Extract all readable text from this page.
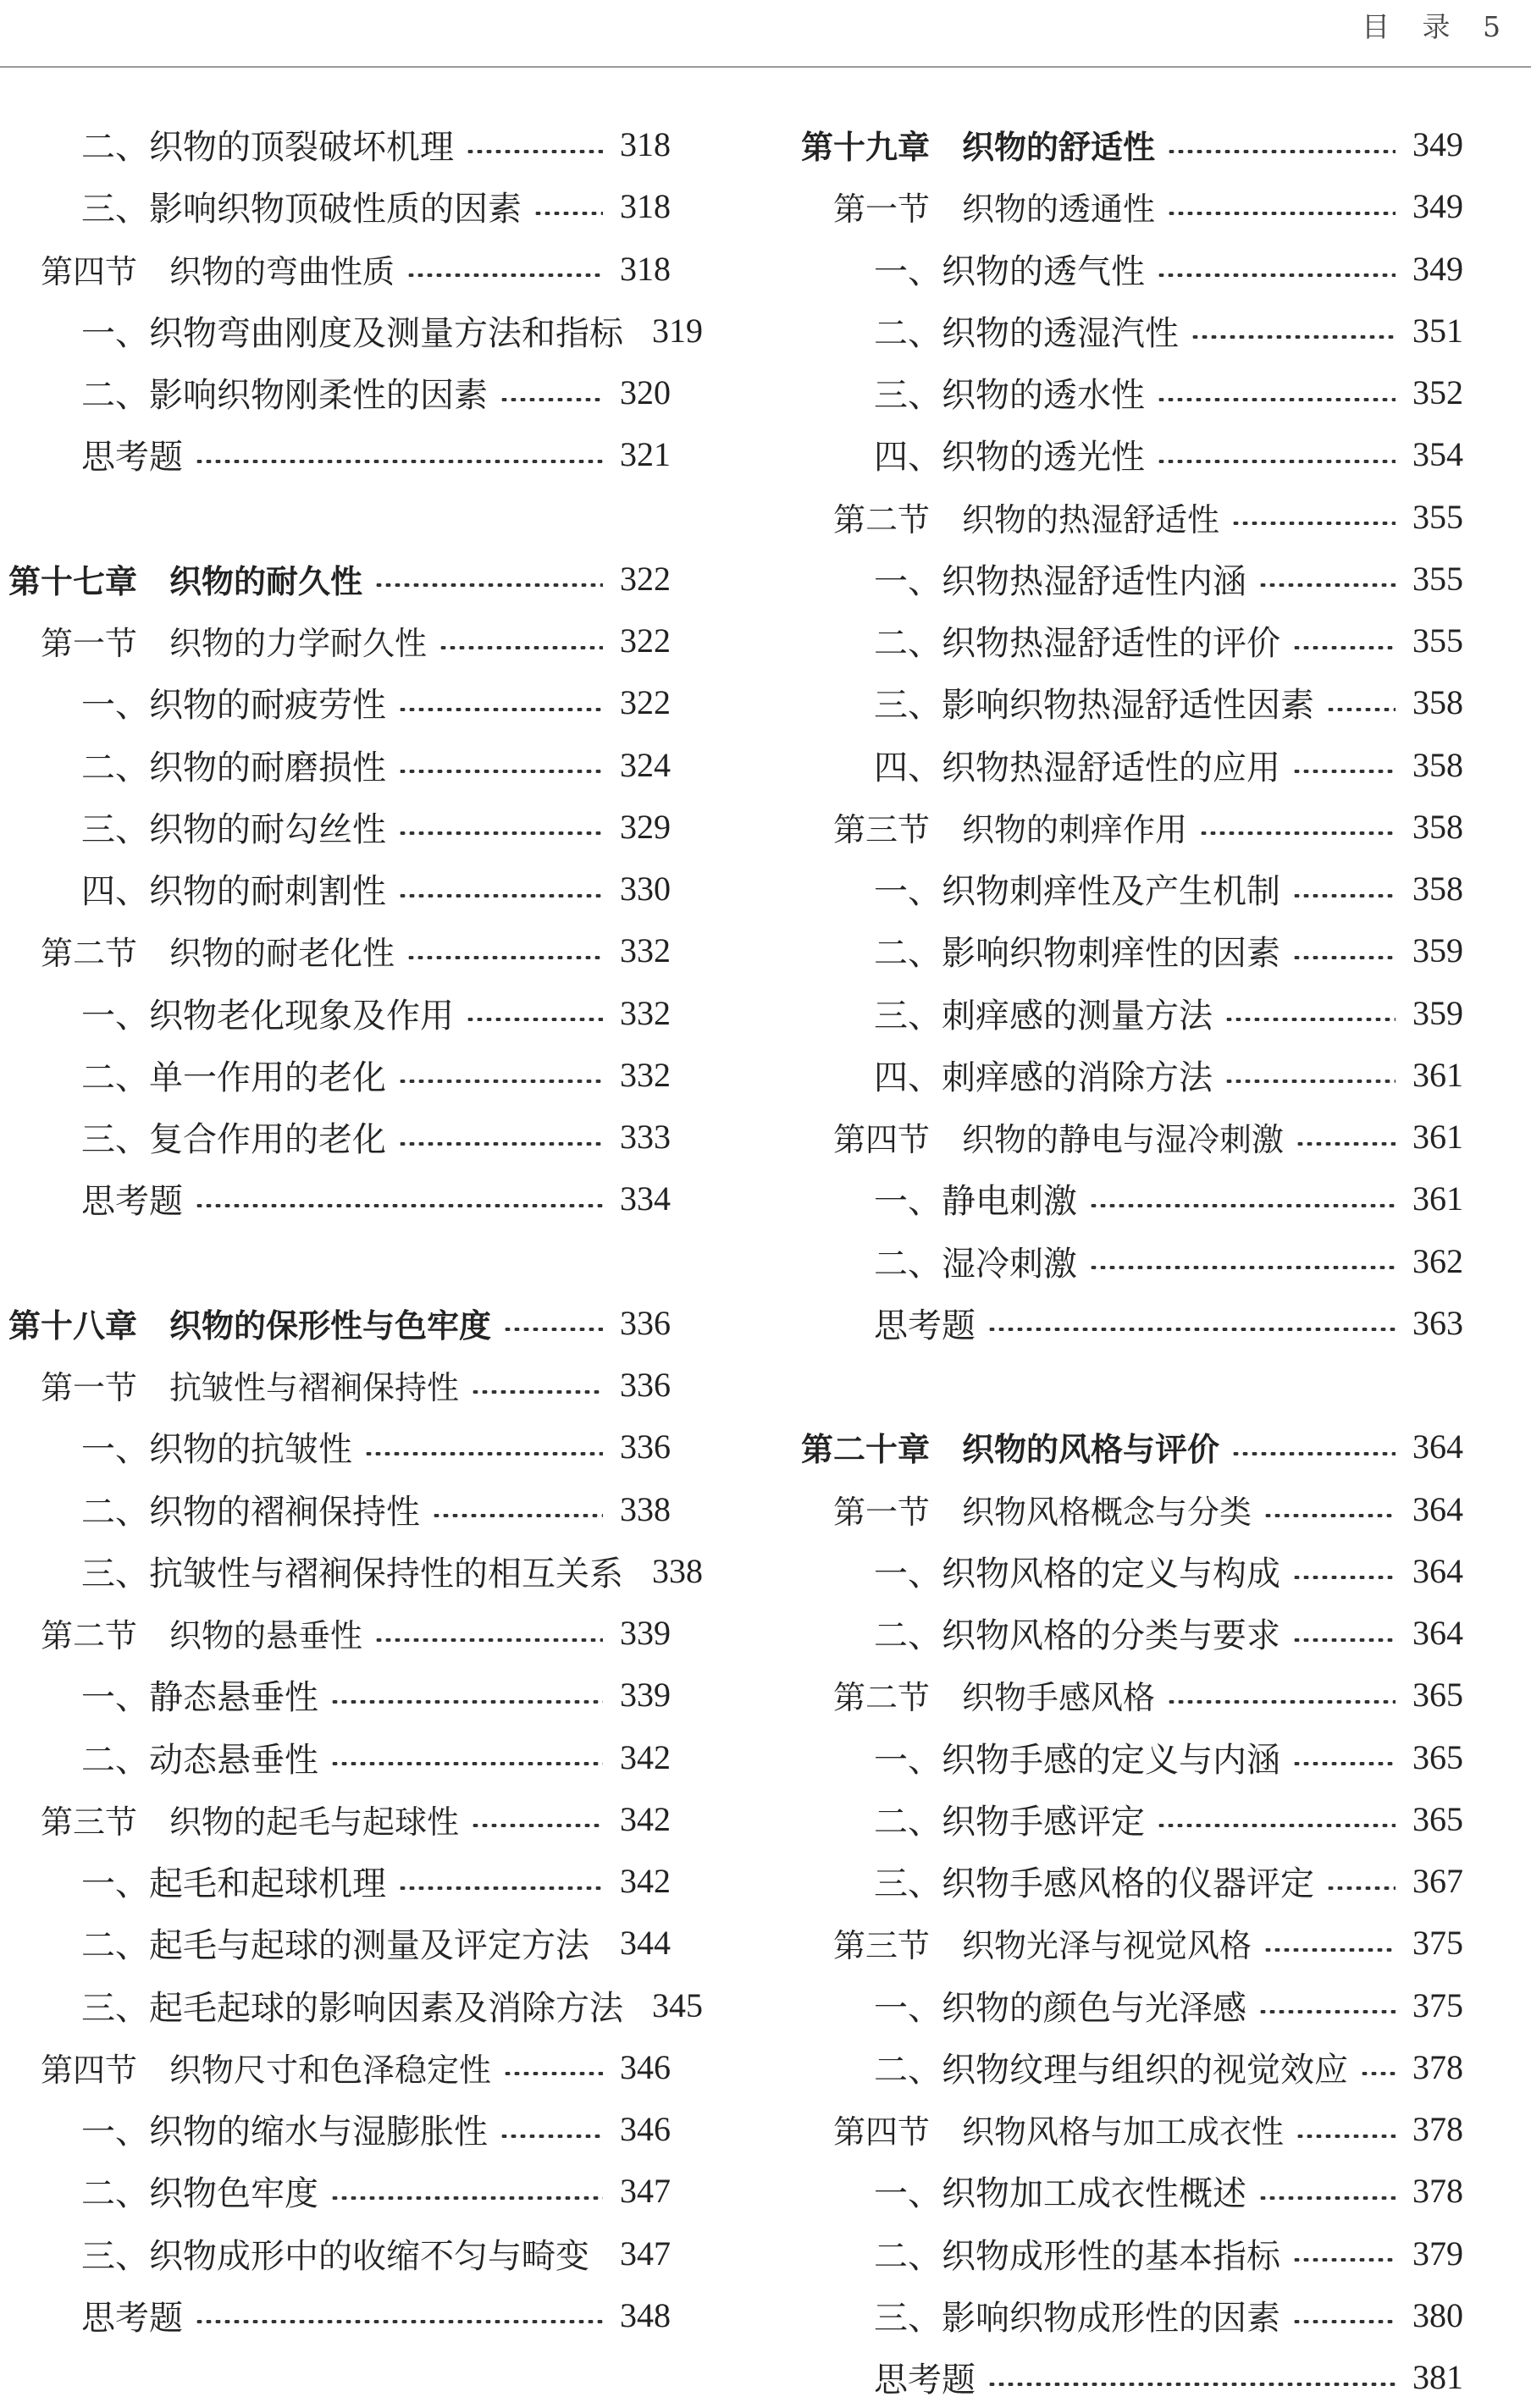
目 录 5
二、织物的顶裂破坏机理	318
三、影响织物顶破性质的因素	318
第四节　织物的弯曲性质	318
一、织物弯曲刚度及测量方法和指标 319
二、影响织物刚柔性的因素	320
思考题	321
第十七章　织物的耐久性	322
第一节　织物的力学耐久性	322
一、织物的耐疲劳性	322
二、织物的耐磨损性	324
三、织物的耐勾丝性	329
四、织物的耐刺割性	330
第二节　织物的耐老化性	332
一、织物老化现象及作用	332
二、单一作用的老化	332
三、复合作用的老化	333
思考题	334
第十八章　织物的保形性与色牢度	336
第一节　抗皱性与褶裥保持性	336
一、织物的抗皱性	336
二、织物的褶裥保持性	338
三、抗皱性与褶裥保持性的相互关系 338
第二节　织物的悬垂性	339
一、静态悬垂性	339
二、动态悬垂性	342
第三节　织物的起毛与起球性	342
一、起毛和起球机理	342
二、起毛与起球的测量及评定方法 344
三、起毛起球的影响因素及消除方法 345
第四节　织物尺寸和色泽稳定性	346
一、织物的缩水与湿膨胀性	346
二、织物色牢度	347
三、织物成形中的收缩不匀与畸变 347
思考题	348
第十九章　织物的舒适性	349
第一节　织物的透通性	349
一、织物的透气性	349
二、织物的透湿汽性	351
三、织物的透水性	352
四、织物的透光性	354
第二节　织物的热湿舒适性	355
一、织物热湿舒适性内涵	355
二、织物热湿舒适性的评价	355
三、影响织物热湿舒适性因素	358
四、织物热湿舒适性的应用	358
第三节　织物的刺痒作用	358
一、织物刺痒性及产生机制	358
二、影响织物刺痒性的因素	359
三、刺痒感的测量方法	359
四、刺痒感的消除方法	361
第四节　织物的静电与湿冷刺激	361
一、静电刺激	361
二、湿冷刺激	362
思考题	363
第二十章　织物的风格与评价	364
第一节　织物风格概念与分类	364
一、织物风格的定义与构成	364
二、织物风格的分类与要求	364
第二节　织物手感风格	365
一、织物手感的定义与内涵	365
二、织物手感评定	365
三、织物手感风格的仪器评定	367
第三节　织物光泽与视觉风格	375
一、织物的颜色与光泽感	375
二、织物纹理与组织的视觉效应 378
第四节　织物风格与加工成衣性	378
一、织物加工成衣性概述	378
二、织物成形性的基本指标	379
三、影响织物成形性的因素	380
思考题	381
